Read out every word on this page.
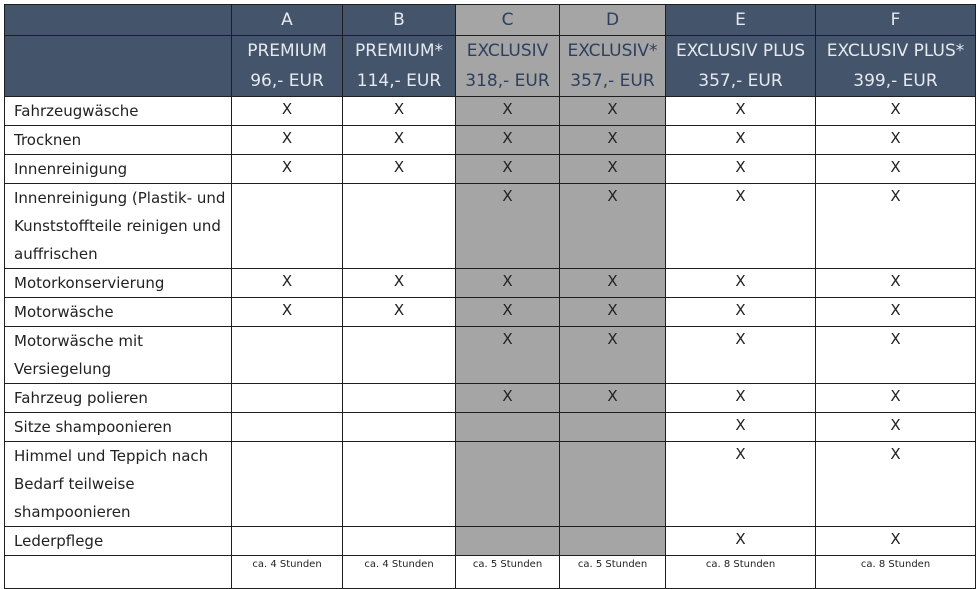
	A	B	C	D	E	F
	PREMIUM	PREMIUM*	EXCLUSIV	EXCLUSIV*	EXCLUSIV PLUS	EXCLUSIV PLUS*
	96,- EUR	114,- EUR	318,- EUR	357,- EUR	357,- EUR	399,- EUR

Fahrzeugwäsche	X	X	X	X	X	X

Trocknen	X	X	X	X	X	X

Innenreinigung	X	X	X	X	X	X

Innenreinigung (Plastik- und
Kunststoffteile reinigen und
auffrischen			X	X	X	X

Motorkonservierung	X	X	X	X	X	X

Motorwäsche	X	X	X	X	X	X

Motorwäsche mit
Versiegelung			X	X	X	X

Fahrzeug polieren			X	X	X	X

Sitze shampoonieren					X	X

Himmel und Teppich nach
Bedarf teilweise
shampoonieren					X	X

Lederpflege					X	X
	ca. 4 Stunden	ca. 4 Stunden	ca. 5 Stunden	ca. 5 Stunden	ca. 8 Stunden	ca. 8 Stunden
